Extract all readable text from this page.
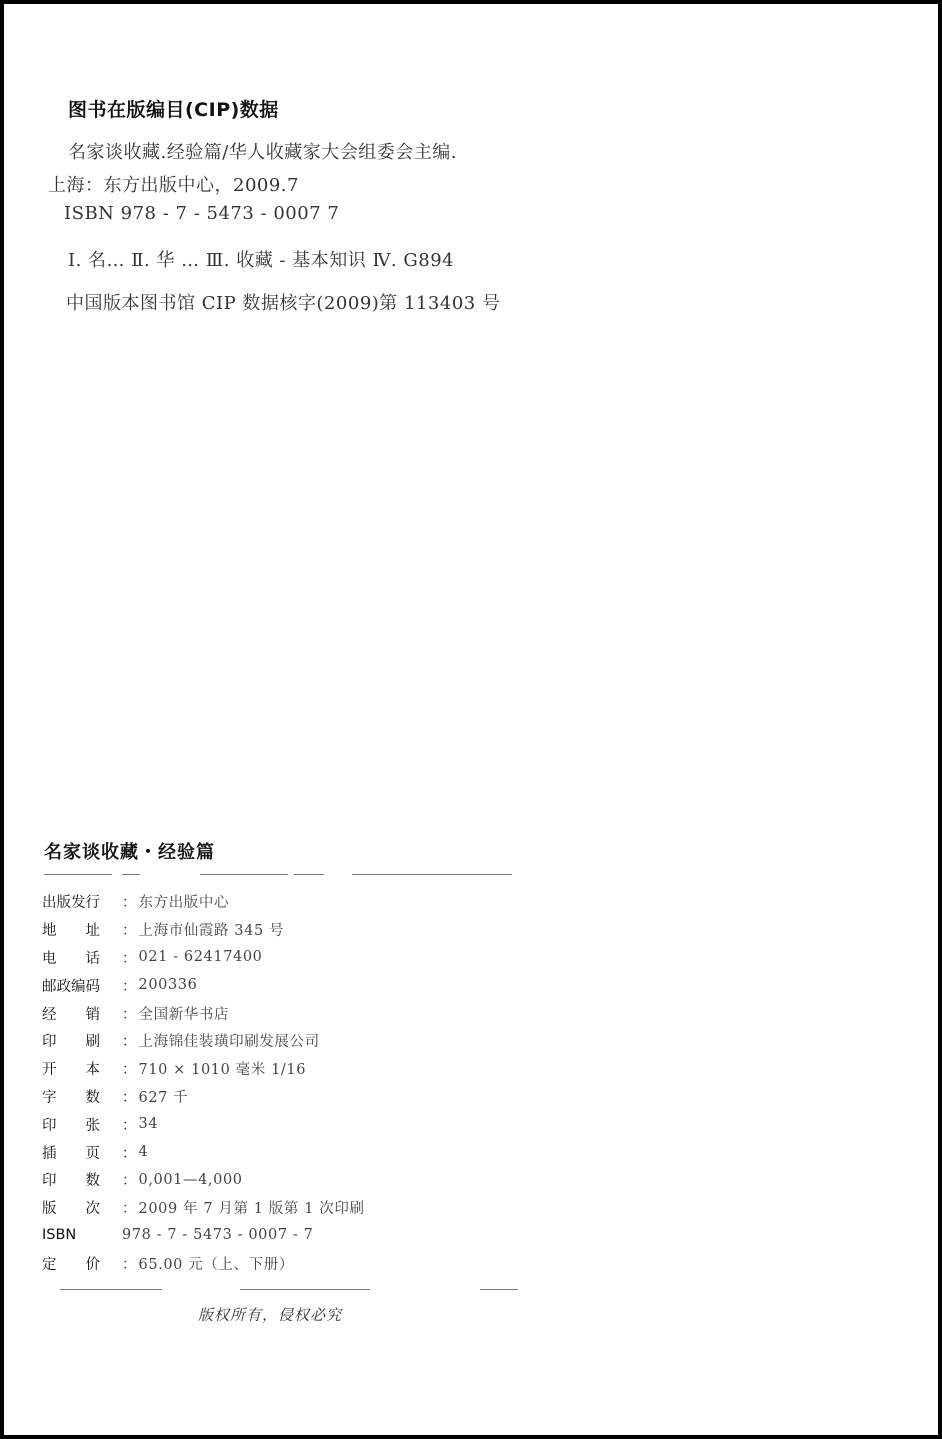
图书在版编目(CIP)数据
名家谈收藏.经验篇/华人收藏家大会组委会主编.
上海：东方出版中心，2009.7
ISBN 978 - 7 - 5473 - 0007 7
Ⅰ. 名… Ⅱ. 华 … Ⅲ. 收藏 - 基本知识 Ⅳ. G894
中国版本图书馆 CIP 数据核字(2009)第 113403 号
名家谈收藏・经验篇
出版发行	： 东方出版中心
地　　址	： 上海市仙霞路 345 号
电　　话	： 021 - 62417400
邮政编码	： 200336
经　　销	： 全国新华书店
印　　刷	： 上海锦佳装璜印刷发展公司
开　　本	： 710 × 1010 毫米 1/16
字　　数	： 627 千
印　　张	： 34
插　　页	： 4
印　　数	： 0,001—4,000
版　　次	： 2009 年 7 月第 1 版第 1 次印刷
ISBN	978 - 7 - 5473 - 0007 - 7
定　　价	： 65.00 元（上、下册）
版权所有，侵权必究
